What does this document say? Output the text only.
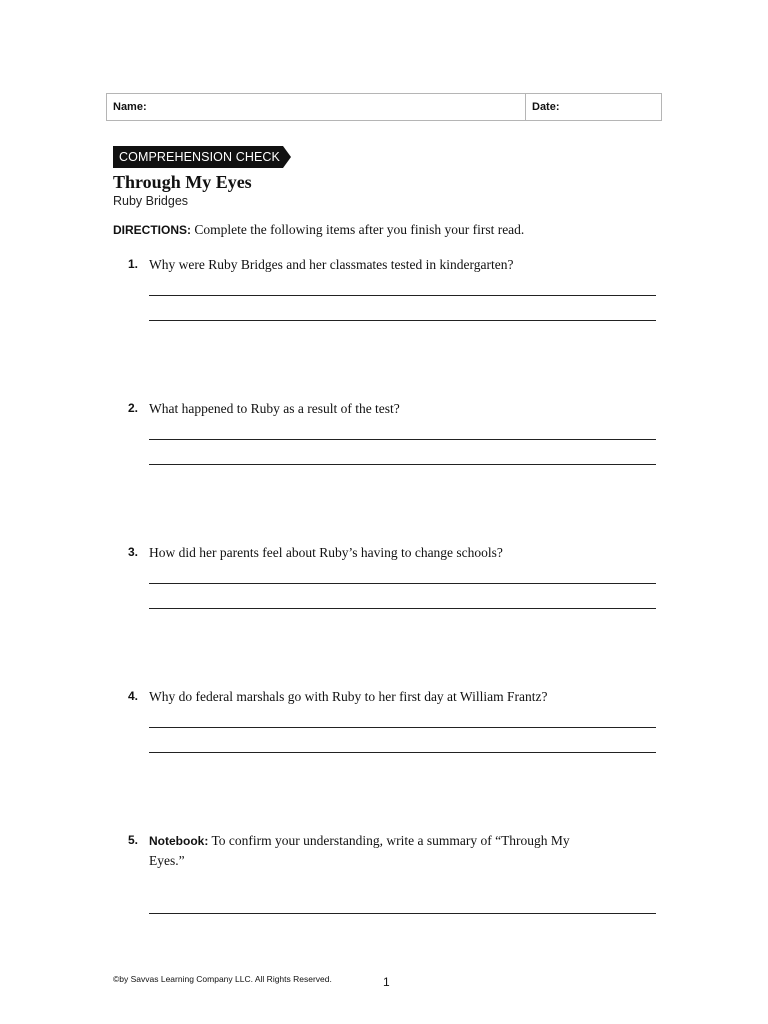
Name:	Date:
COMPREHENSION CHECK
Through My Eyes
Ruby Bridges
DIRECTIONS: Complete the following items after you finish your first read.
1. Why were Ruby Bridges and her classmates tested in kindergarten?
2. What happened to Ruby as a result of the test?
3. How did her parents feel about Ruby’s having to change schools?
4. Why do federal marshals go with Ruby to her first day at William Frantz?
5. Notebook: To confirm your understanding, write a summary of “Through My Eyes.”
©by Savvas Learning Company LLC. All Rights Reserved.	1
